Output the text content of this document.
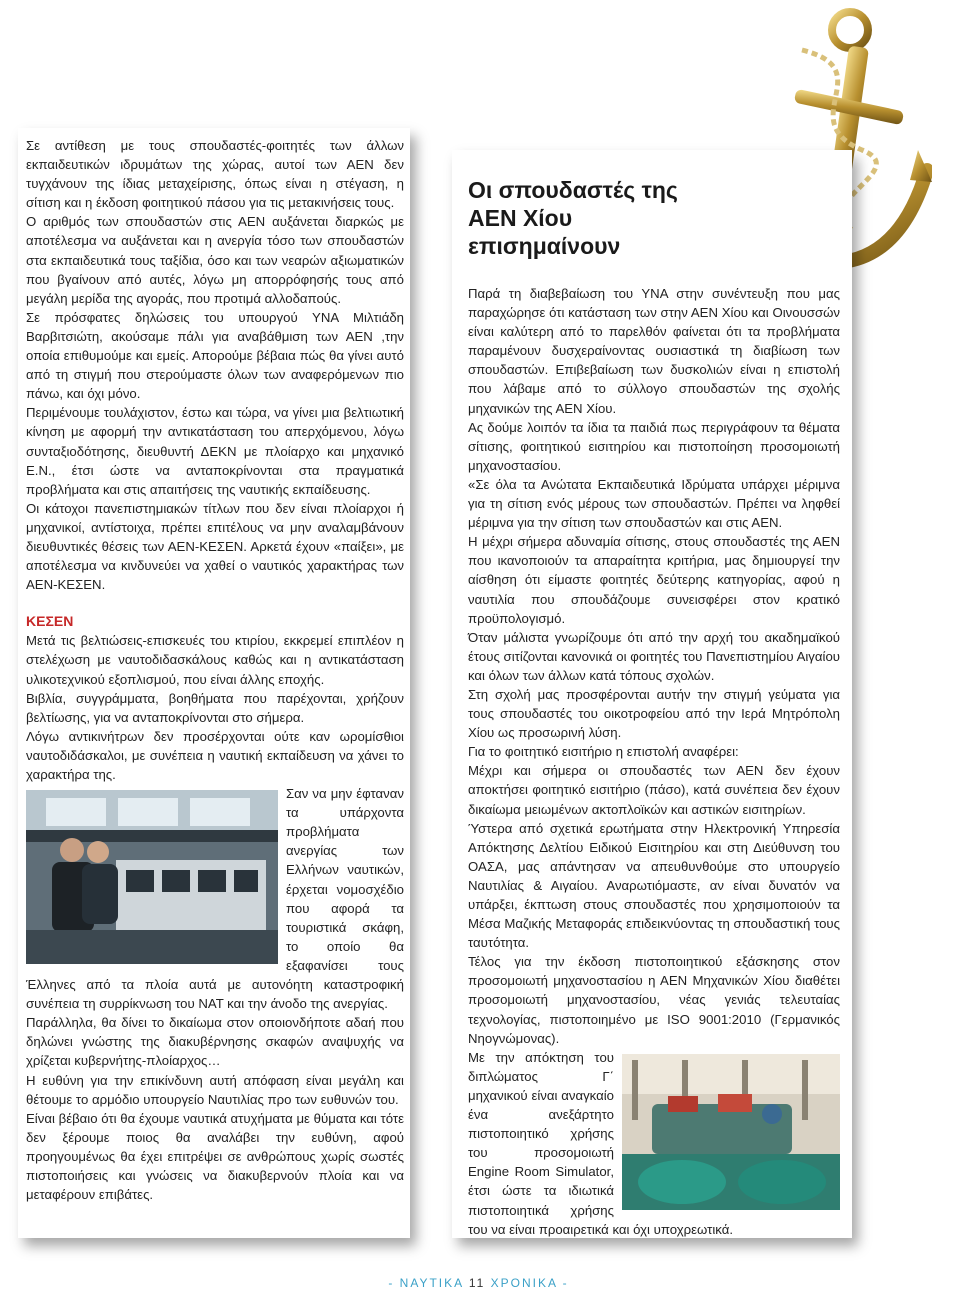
Σε αντίθεση με τους σπουδαστές-φοιτητές των άλλων εκπαιδευτικών ιδρυμάτων της χώρας, αυτοί των ΑΕΝ δεν τυγχάνουν της ίδιας μεταχείρισης, όπως είναι η στέγαση, η σίτιση και η έκδοση φοιτητικού πάσου για τις μετακινήσεις τους.

Ο αριθμός των σπουδαστών στις ΑΕΝ αυξάνεται διαρκώς με αποτέλεσμα να αυξάνεται και η ανεργία τόσο των σπουδαστών στα εκπαιδευτικά τους ταξίδια, όσο και των νεαρών αξιωματικών που βγαίνουν από αυτές, λόγω μη απορρόφησής τους από μεγάλη μερίδα της αγοράς, που προτιμά αλλοδαπούς.

Σε πρόσφατες δηλώσεις του υπουργού ΥΝΑ Μιλτιάδη Βαρβιτσιώτη, ακούσαμε πάλι για αναβάθμιση των ΑΕΝ ,την οποία επιθυμούμε και εμείς. Απορούμε βέβαια πώς θα γίνει αυτό από τη στιγμή που στερούμαστε όλων των αναφερόμενων πιο πάνω, και όχι μόνο.

Περιμένουμε τουλάχιστον, έστω και τώρα, να γίνει μια βελτιωτική κίνηση με αφορμή την αντικατάσταση του απερχόμενου, λόγω συνταξιοδότησης, διευθυντή ΔΕΚΝ με πλοίαρχο και μηχανικό Ε.Ν., έτσι ώστε να ανταποκρίνονται στα πραγματικά προβλήματα και στις απαιτήσεις της ναυτικής εκπαίδευσης.

Οι κάτοχοι πανεπιστημιακών τίτλων που δεν είναι πλοίαρχοι ή μηχανικοί, αντίστοιχα, πρέπει επιτέλους να μην αναλαμβάνουν διευθυντικές θέσεις των ΑΕΝ-ΚΕΣΕΝ. Αρκετά έχουν «παίξει», με αποτέλεσμα να κινδυνεύει να χαθεί ο ναυτικός χαρακτήρας των ΑΕΝ-ΚΕΣΕΝ.

ΚΕΣΕΝ

Μετά τις βελτιώσεις-επισκευές του κτιρίου, εκκρεμεί επιπλέον η στελέχωση με ναυτοδιδασκάλους καθώς και η αντικατάσταση υλικοτεχνικού εξοπλισμού, που είναι άλλης εποχής.

Βιβλία, συγγράμματα, βοηθήματα που παρέχονται, χρήζουν βελτίωσης, για να ανταποκρίνονται στο σήμερα.

Λόγω αντικινήτρων δεν προσέρχονται ούτε καν ωρομίσθιοι ναυτοδιδάσκαλοι, με συνέπεια η ναυτική εκπαίδευση να χάνει το χαρακτήρα της.

Σαν να μην έφταναν τα υπάρχοντα προβλήματα ανεργίας των Ελλήνων ναυτικών, έρχεται νομοσχέδιο που αφορά τα τουριστικά σκάφη, το οποίο θα εξαφανίσει τους Έλληνες από τα πλοία αυτά με αυτονόητη καταστροφική συνέπεια τη συρρίκνωση του ΝΑΤ και την άνοδο της ανεργίας.

Παράλληλα, θα δίνει το δικαίωμα στον οποιονδήποτε αδαή που δηλώνει γνώστης της διακυβέρνησης σκαφών αναψυχής να χρίζεται κυβερνήτης-πλοίαρχος…

Η ευθύνη για την επικίνδυνη αυτή απόφαση είναι μεγάλη και θέτουμε το αρμόδιο υπουργείο Ναυτιλίας προ των ευθυνών του.

Είναι βέβαιο ότι θα έχουμε ναυτικά ατυχήματα με θύματα και τότε δεν ξέρουμε ποιος θα αναλάβει την ευθύνη, αφού προηγουμένως θα έχει επιτρέψει σε ανθρώπους χωρίς σωστές πιστοποιήσεις και γνώσεις να διακυβερνούν πλοία και να μεταφέρουν επιβάτες.

Οι σπουδαστές της ΑΕΝ Χίου επισημαίνουν

Παρά τη διαβεβαίωση του ΥΝΑ στην συνέντευξη που μας παραχώρησε ότι κατάσταση των στην ΑΕΝ Χίου και Οινουσσών είναι καλύτερη από το παρελθόν φαίνεται ότι τα προβλήματα παραμένουν δυσχεραίνοντας ουσιαστικά τη διαβίωση των σπουδαστών. Επιβεβαίωση των δυσκολιών είναι η επιστολή που λάβαμε από το σύλλογο σπουδαστών της σχολής μηχανικών της ΑΕΝ Χίου.

Ας δούμε λοιπόν τα ίδια τα παιδιά πως περιγράφουν τα θέματα σίτισης, φοιτητικού εισιτηρίου και πιστοποίηση προσομοιωτή μηχανοστασίου.

«Σε όλα τα Ανώτατα Εκπαιδευτικά Ιδρύματα υπάρχει μέριμνα για τη σίτιση ενός μέρους των σπουδαστών. Πρέπει να ληφθεί μέριμνα για την σίτιση των σπουδαστών και στις ΑΕΝ.

Η μέχρι σήμερα αδυναμία σίτισης, στους σπουδαστές της ΑΕΝ που ικανοποιούν τα απαραίτητα κριτήρια, μας δημιουργεί την αίσθηση ότι είμαστε φοιτητές δεύτερης κατηγορίας, αφού η ναυτιλία που σπουδάζουμε συνεισφέρει στον κρατικό προϋπολογισμό.

Όταν μάλιστα γνωρίζουμε ότι από την αρχή του ακαδημαϊκού έτους σιτίζονται κανονικά οι φοιτητές του Πανεπιστημίου Αιγαίου και όλων των άλλων κατά τόπους σχολών.

Στη σχολή μας προσφέρονται αυτήν την στιγμή γεύματα για τους σπουδαστές του οικοτροφείου από την Ιερά Μητρόπολη Χίου ως προσωρινή λύση.

Για το φοιτητικό εισιτήριο η επιστολή αναφέρει:

Μέχρι και σήμερα οι σπουδαστές των ΑΕΝ δεν έχουν αποκτήσει φοιτητικό εισιτήριο (πάσο), κατά συνέπεια δεν έχουν δικαίωμα μειωμένων ακτοπλοϊκών και αστικών εισιτηρίων.

Ύστερα από σχετικά ερωτήματα στην Ηλεκτρονική Υπηρεσία Απόκτησης Δελτίου Ειδικού Εισιτηρίου και στη Διεύθυνση του ΟΑΣΑ, μας απάντησαν να απευθυνθούμε στο υπουργείο Ναυτιλίας & Αιγαίου. Αναρωτιόμαστε, αν είναι δυνατόν να υπάρξει, έκπτωση στους σπουδαστές που χρησιμοποιούν τα Μέσα Μαζικής Μεταφοράς επιδεικνύοντας τη σπουδαστική τους ταυτότητα.

Τέλος για την έκδοση πιστοποιητικού εξάσκησης στον προσομοιωτή μηχανοστασίου η ΑΕΝ Μηχανικών Χίου διαθέτει προσομοιωτή μηχανοστασίου, νέας γενιάς τελευταίας τεχνολογίας, πιστοποιημένο με ISO 9001:2010 (Γερμανικός Νηογνώμονας).

Με την απόκτηση του διπλώματος Γ΄ μηχανικού είναι αναγκαίο ένα ανεξάρτητο πιστοποιητικό χρήσης του προσομοιωτή Engine Room Simulator, έτσι ώστε τα ιδιωτικά πιστοποιητικά χρήσης του να είναι προαιρετικά και όχι υποχρεωτικά.

- ΝΑΥΤΙΚΑ 11 ΧΡΟΝΙΚΑ -
